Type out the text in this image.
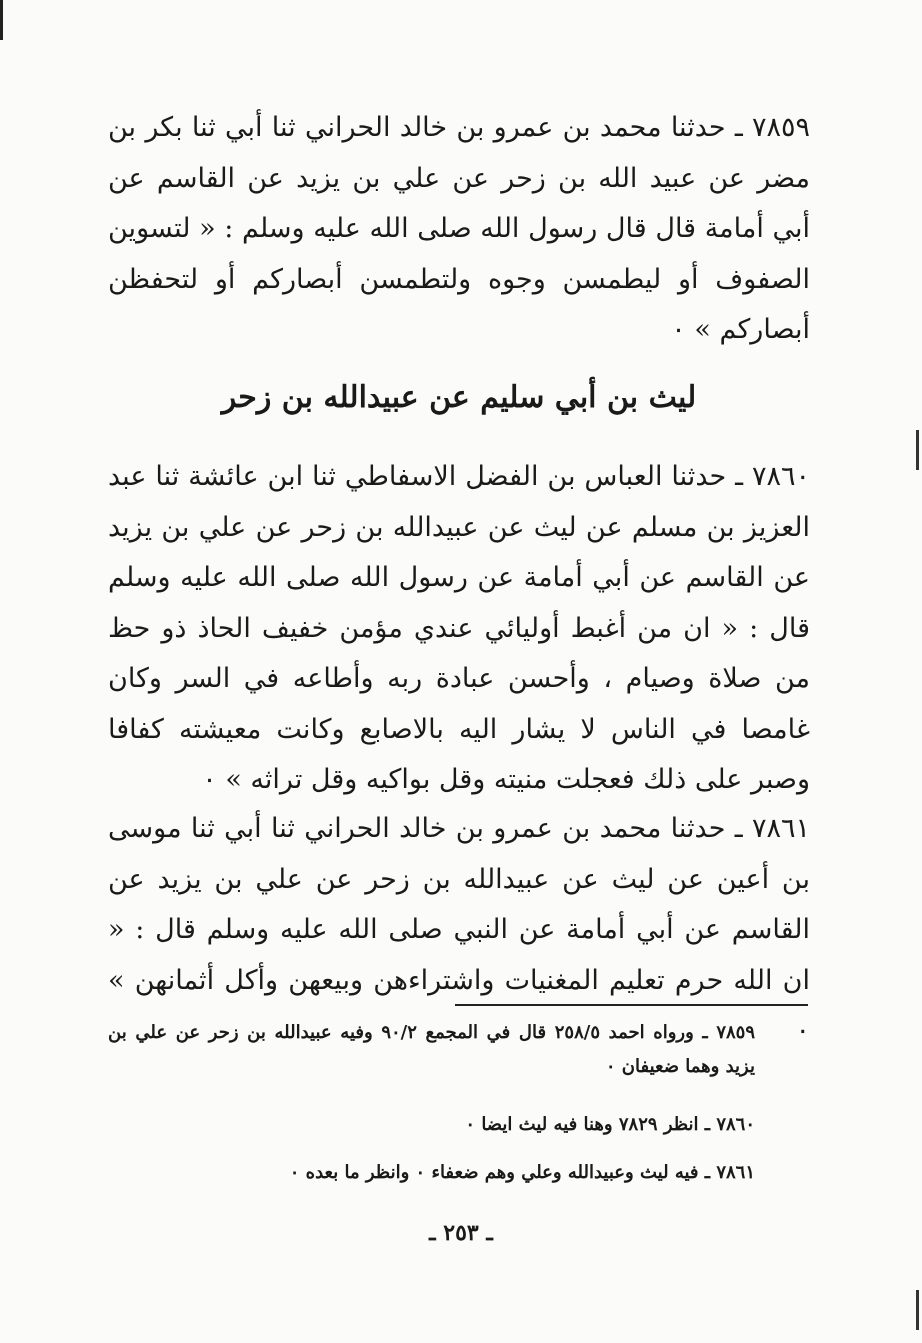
٧٨٥٩ ـ حدثنا محمد بن عمرو بن خالد الحراني ثنا أبي ثنا بكر بن مضر عن عبيد الله بن زحر عن علي بن يزيد عن القاسم عن أبي أمامة قال قال رسول الله صلى الله عليه وسلم : « لتسوين الصفوف أو ليطمسن وجوه ولتطمسن أبصاركم أو لتحفظن أبصاركم » ٠

ليث بن أبي سليم عن عبيدالله بن زحر

٧٨٦٠ ـ حدثنا العباس بن الفضل الاسفاطي ثنا ابن عائشة ثنا عبد العزيز بن مسلم عن ليث عن عبيدالله بن زحر عن علي بن يزيد عن القاسم عن أبي أمامة عن رسول الله صلى الله عليه وسلم قال : « ان من أغبط أوليائي عندي مؤمن خفيف الحاذ ذو حظ من صلاة وصيام ، وأحسن عبادة ربه وأطاعه في السر وكان غامصا في الناس لا يشار اليه بالاصابع وكانت معيشته كفافا وصبر على ذلك فعجلت منيته وقل بواكيه وقل تراثه » ٠

٧٨٦١ ـ حدثنا محمد بن عمرو بن خالد الحراني ثنا أبي ثنا موسى بن أعين عن ليث عن عبيدالله بن زحر عن علي بن يزيد عن القاسم عن أبي أمامة عن النبي صلى الله عليه وسلم قال : « ان الله حرم تعليم المغنيات واشتراءهن وبيعهن وأكل أثمانهن » ٠

٧٨٥٩ ـ ورواه احمد ٢٥٨/٥ قال في المجمع ٩٠/٢ وفيه عبيدالله بن زحر عن علي بن يزيد وهما ضعيفان ٠

٧٨٦٠ ـ انظر ٧٨٢٩ وهنا فيه ليث ايضا ٠

٧٨٦١ ـ فيه ليث وعبيدالله وعلي وهم ضعفاء ٠ وانظر ما بعده ٠

ـ ٢٥٣ ـ
